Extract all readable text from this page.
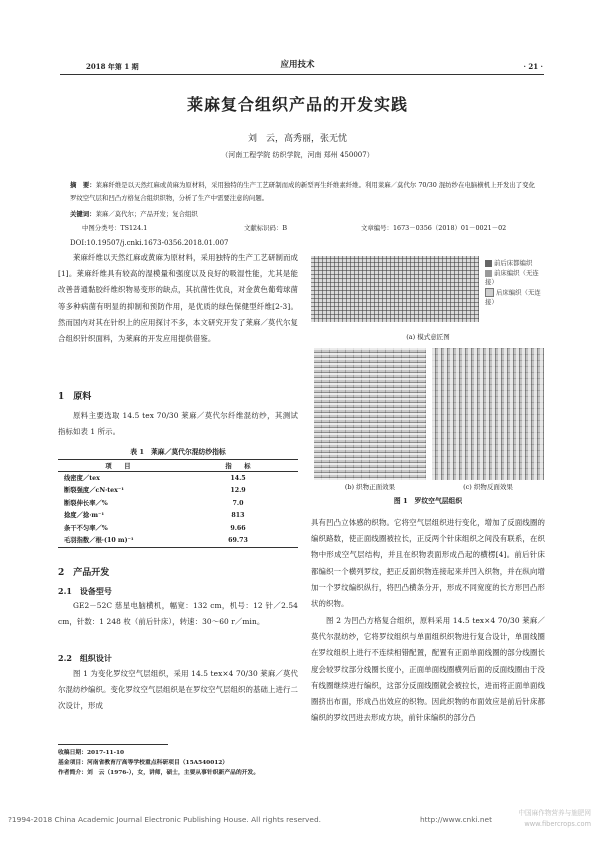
2018 年第 1 期	应用技术	· 21 ·
莱麻复合组织产品的开发实践
刘　云，高秀丽，张无忧
（河南工程学院 纺织学院，河南 郑州 450007）
摘　要：莱麻纤维是以天然红麻或黄麻为原材料，采用独特的生产工艺研制而成的新型再生纤维素纤维。利用莱麻／莫代尔 70/30 混纺纱在电脑横机上开发出了变化罗纹空气层和凹凸方格复合组织织物，分析了生产中需要注意的问题。
关键词：莱麻／莫代尔；产品开发；复合组织
中图分类号：TS124.1	文献标识码：B	文章编号：1673－0356（2018）01－0021－02
DOI:10.19507/j.cnki.1673-0356.2018.01.007

莱麻纤维以天然红麻或黄麻为原材料，采用独特的生产工艺研制而成[1]。莱麻纤维具有较高的湿模量和强度以及良好的吸湿性能，尤其是能改善普通黏胶纤维织物易变形的缺点，其抗菌性优良，对金黄色葡萄球菌等多种病菌有明显的抑制和预防作用，是优质的绿色保健型纤维[2-3]。然而国内对其在针织上的应用探讨不多，本文研究开发了莱麻／莫代尔复合组织针织面料，为莱麻的开发应用提供借鉴。

1　原料

原料主要选取 14.5 tex 70/30 莱麻／莫代尔纤维混纺纱，其测试指标如表 1 所示。

表 1　莱麻／莫代尔混纺纱指标
项　　目	指　　标
线密度／tex	14.5
断裂强度／cN·tex⁻¹	12.9
断裂伸长率／%	7.0
捻度／捻·m⁻¹	813
条干不匀率／%	9.66
毛羽指数／根·(10 m)⁻¹	69.73
2　产品开发
2.1　设备型号

GE2－52C 慈星电脑横机，幅宽：132 cm，机号：12 针／2.54 cm，针数：1 248 枚（前后针床），转速：30～60 r／min。

2.2　组织设计

图 1 为变化罗纹空气层组织，采用 14.5 tex×4 70/30 莱麻／莫代尔混纺纱编织。变化罗纹空气层组织是在罗纹空气层组织的基础上进行二次设计，形成

收稿日期：2017-11-10
基金项目：河南省教育厅高等学校重点科研项目（15A540012）
作者简介：刘　云（1976-），女，讲师，硕士，主要从事针织新产品的开发。
前后床都编织
前床编织（无连接）
后床编织（无连接）
(a) 模式意匠图
(b) 织物正面效果	(c) 织物反面效果
图 1　罗纹空气层组织

具有凹凸立体感的织物。它将空气层组织进行变化，增加了反面线圈的编织路数，使正面线圈被拉长，正反两个针床组织之间没有联系，在织物中形成空气层结构，并且在织物表面形成凸起的横楞[4]。前后针床都编织一个横列罗纹，把正反面织物连接起来并凹入织物，并在纵向增加一个罗纹编织纵行，将凹凸横条分开，形成不同宽度的长方形凹凸形状的织物。

图 2 为凹凸方格复合组织，原料采用 14.5 tex×4 70/30 莱麻／莫代尔混纺纱，它将罗纹组织与单面组织织物进行复合设计，单面线圈在罗纹组织上进行不连续相错配置，配置有正面单面线圈的部分线圈长度会较罗纹部分线圈长度小，正面单面线圈横列后面的反面线圈由于没有线圈继续进行编织，这部分反面线圈就会被拉长，进而将正面单面线圈挤出布面，形成凸出效应的织物。因此织物的布面效应是前后针床都编织的罗纹凹进去形成方块，前针床编织的部分凸

?1994-2018 China Academic Journal Electronic Publishing House. All rights reserved.	http://www.cnki.net
中国麻作物营养与施肥网 www.fibercrops.com
